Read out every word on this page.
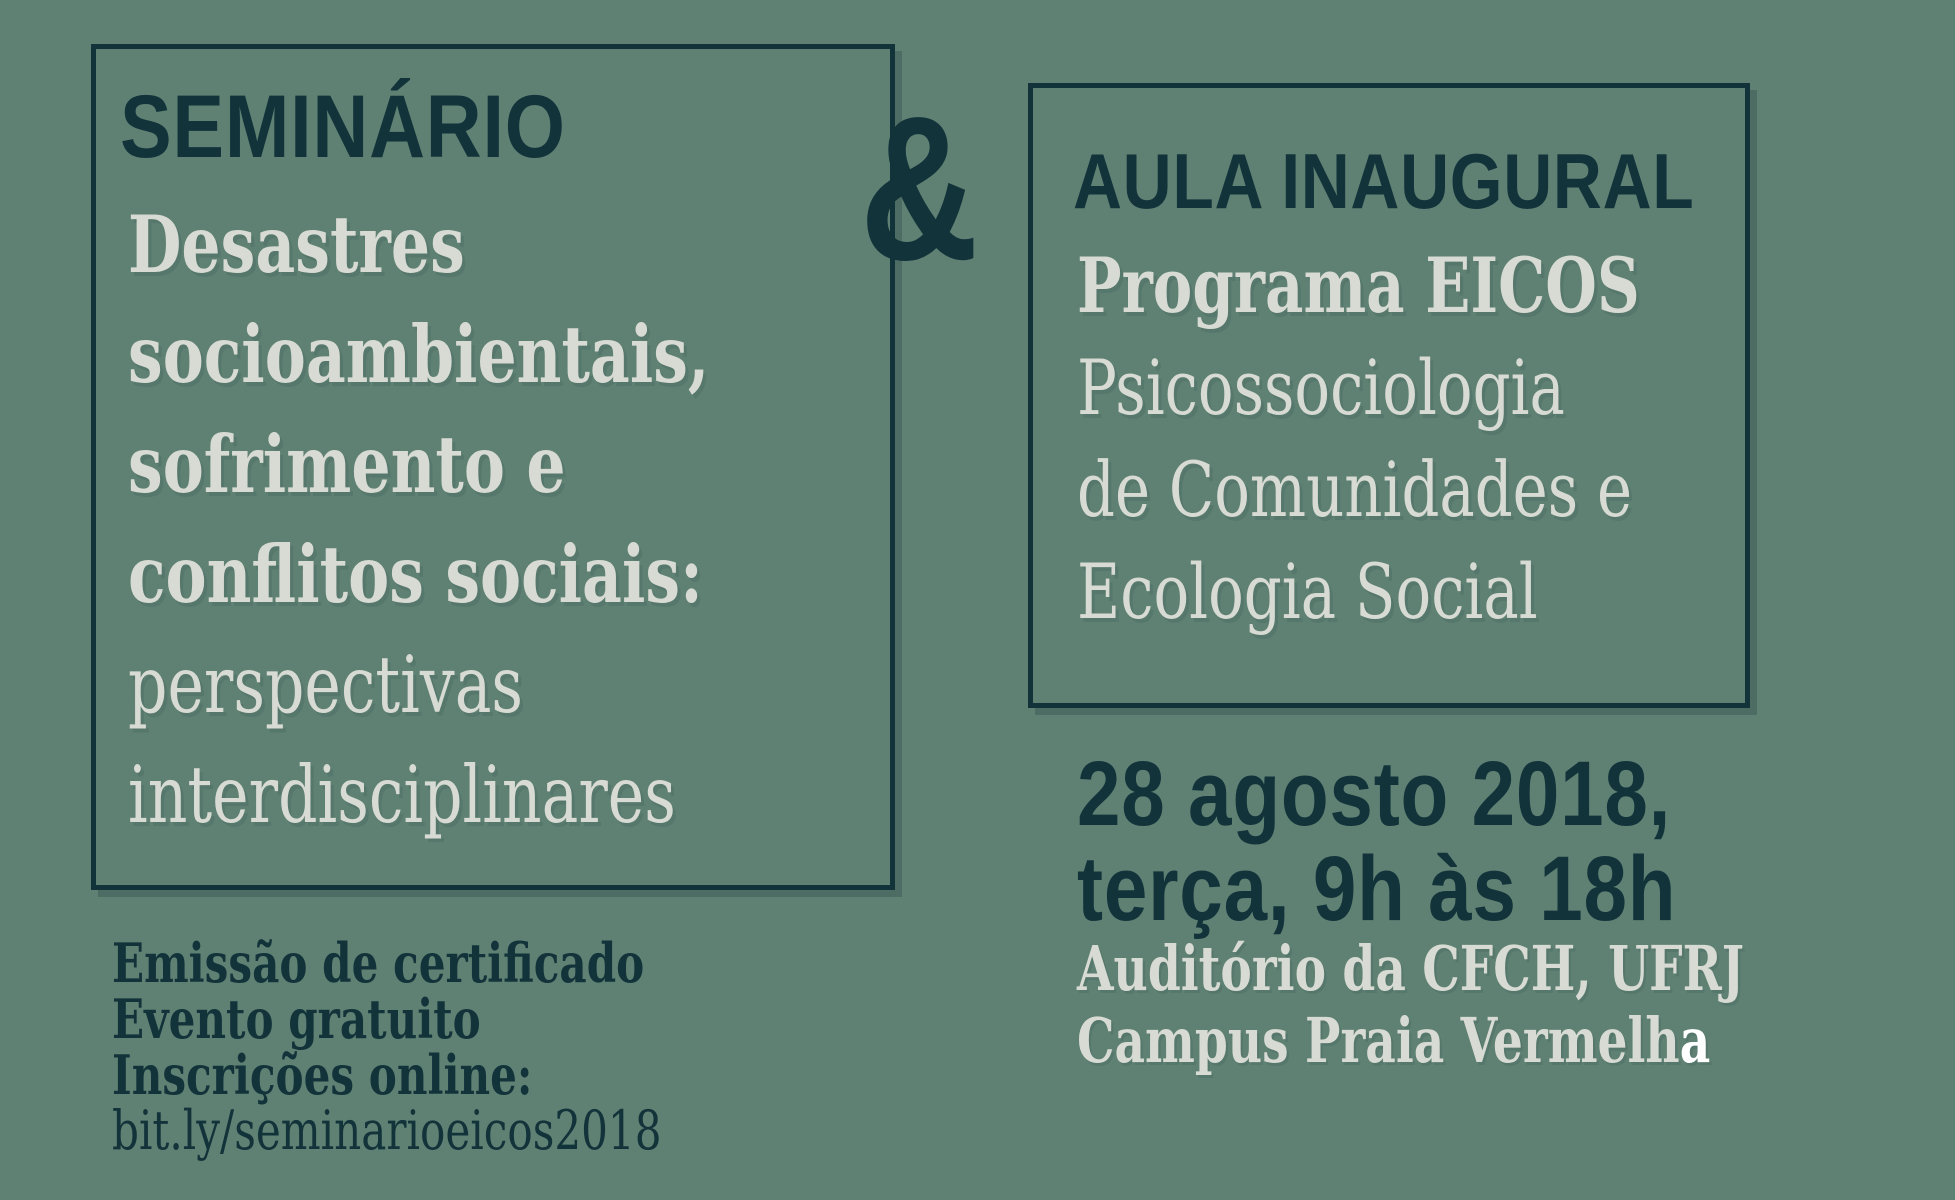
SEMINÁRIO
Desastres
socioambientais,
sofrimento e
conflitos sociais:
perspectivas
interdisciplinares
Emissão de certificado
Evento gratuito
Inscrições online:
bit.ly/seminarioeicos2018
& AULA INAUGURAL
Programa EICOS
Psicossociologia
de Comunidades e
Ecologia Social
28 agosto 2018,
terça, 9h às 18h
Auditório da CFCH, UFRJ
Campus Praia Vermelha
